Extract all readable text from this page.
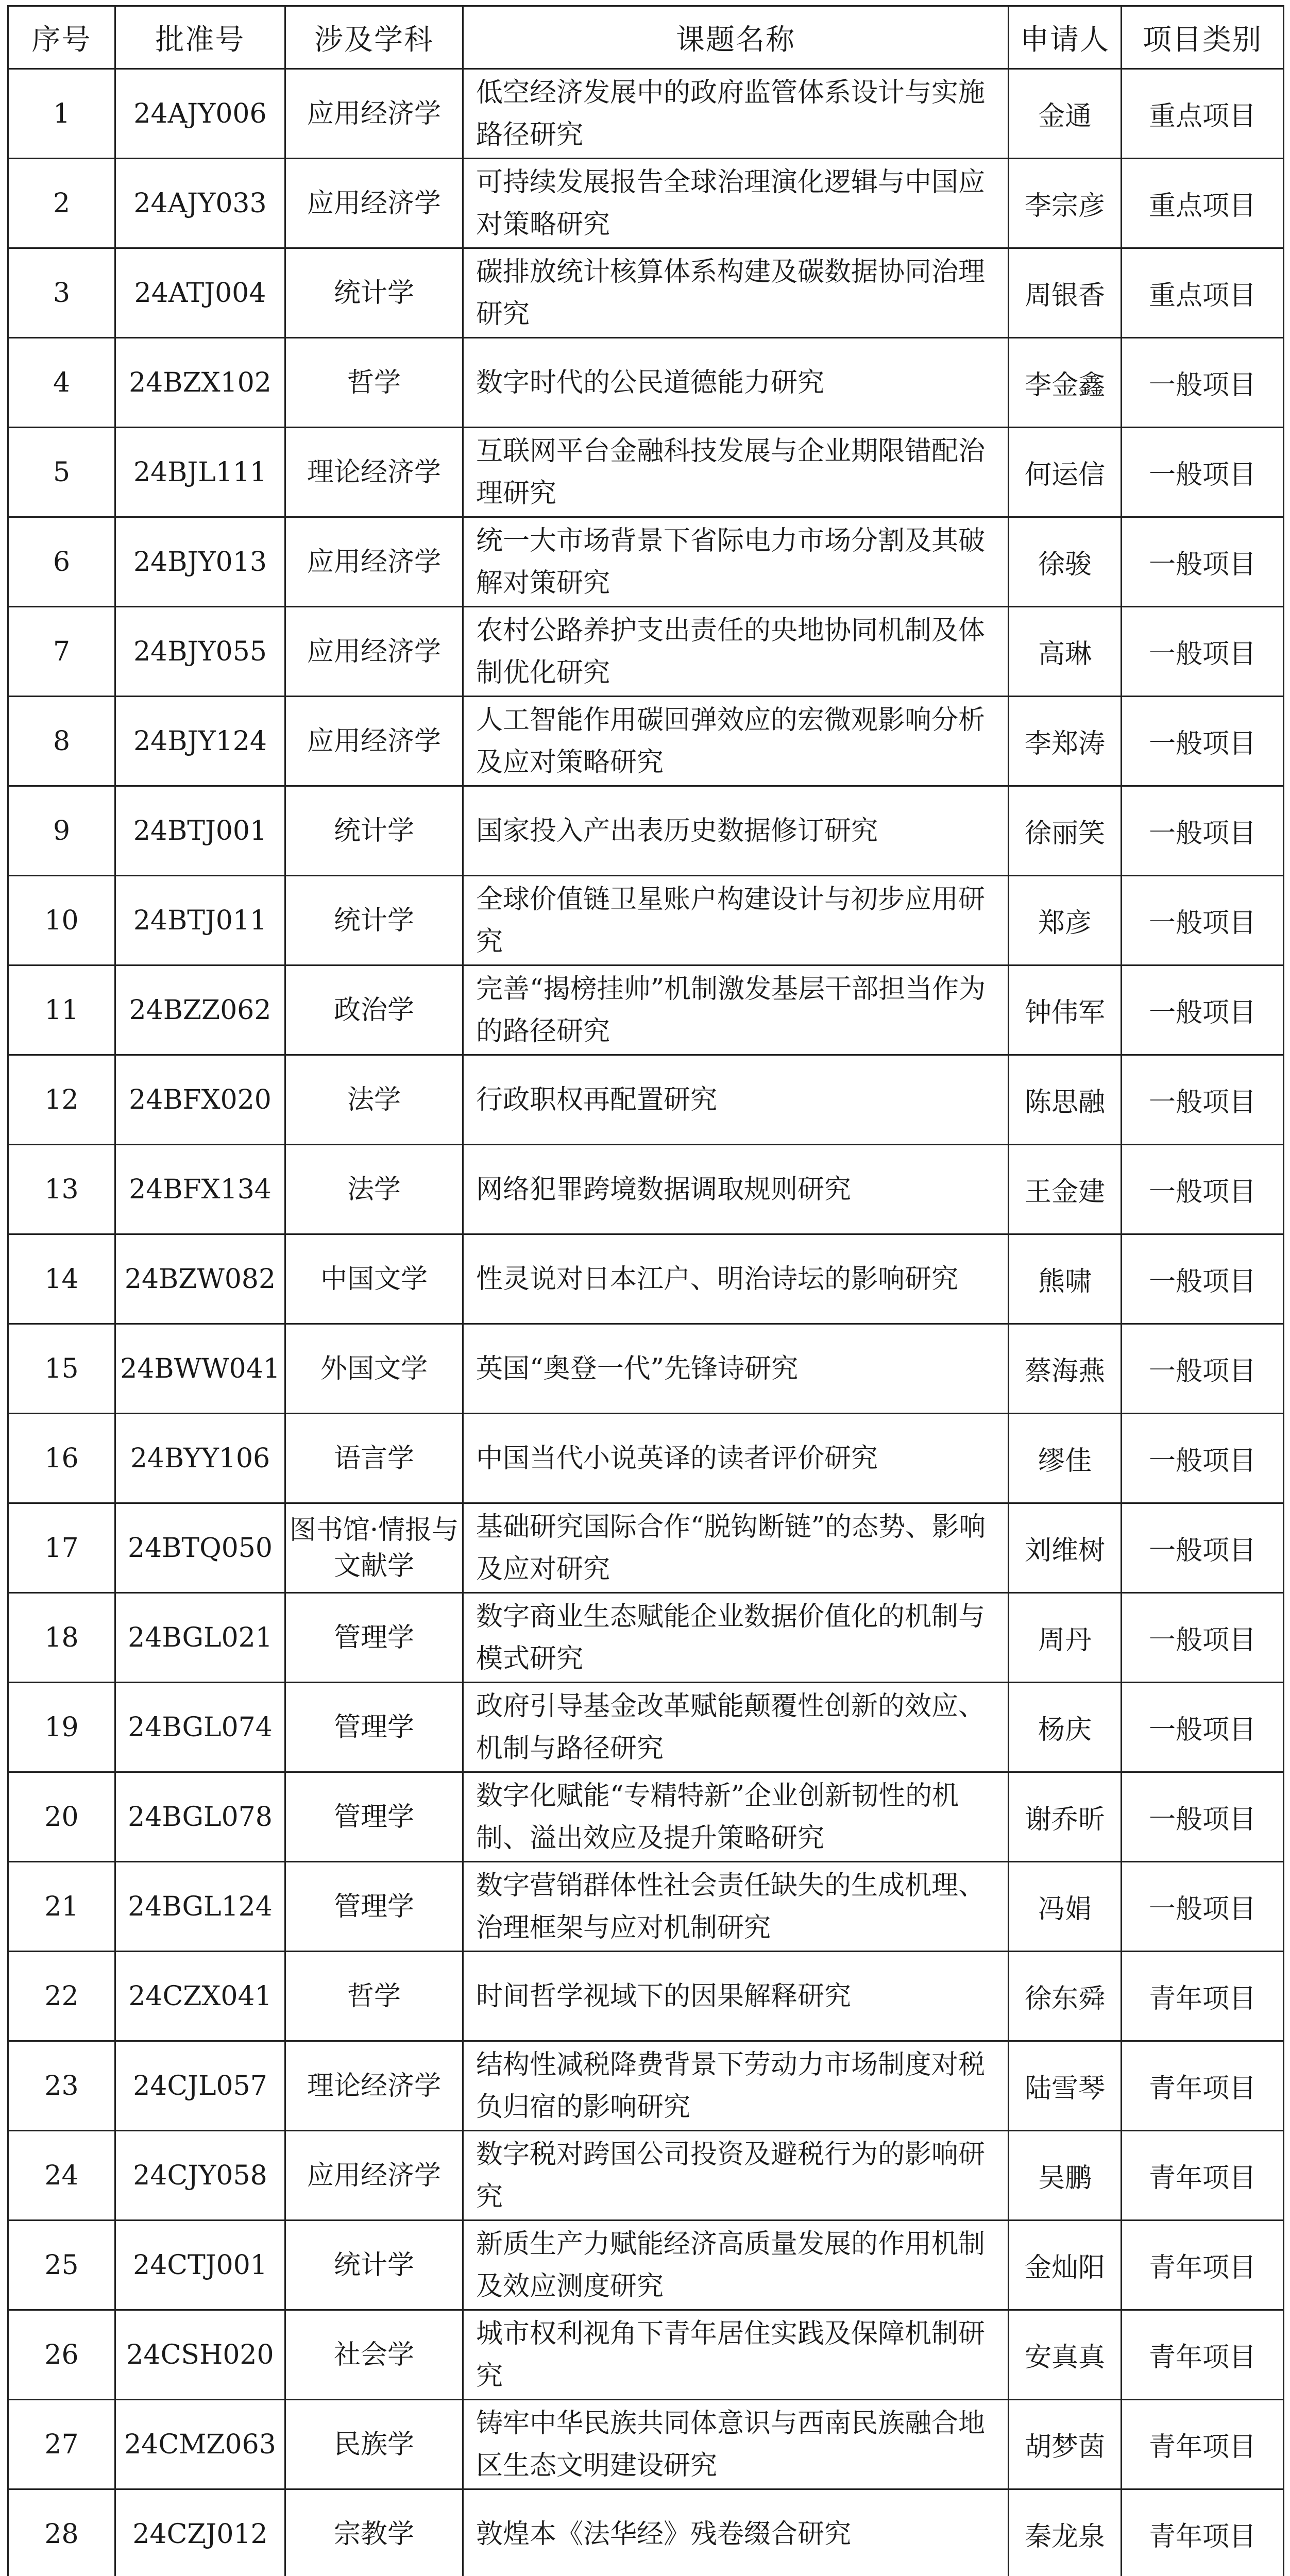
序号	批准号	涉及学科	课题名称	申请人	项目类别
1	24AJY006	应用经济学	低空经济发展中的政府监管体系设计与实施路径研究	金通	重点项目
2	24AJY033	应用经济学	可持续发展报告全球治理演化逻辑与中国应对策略研究	李宗彦	重点项目
3	24ATJ004	统计学	碳排放统计核算体系构建及碳数据协同治理研究	周银香	重点项目
4	24BZX102	哲学	数字时代的公民道德能力研究	李金鑫	一般项目
5	24BJL111	理论经济学	互联网平台金融科技发展与企业期限错配治理研究	何运信	一般项目
6	24BJY013	应用经济学	统一大市场背景下省际电力市场分割及其破解对策研究	徐骏	一般项目
7	24BJY055	应用经济学	农村公路养护支出责任的央地协同机制及体制优化研究	高琳	一般项目
8	24BJY124	应用经济学	人工智能作用碳回弹效应的宏微观影响分析及应对策略研究	李郑涛	一般项目
9	24BTJ001	统计学	国家投入产出表历史数据修订研究	徐丽笑	一般项目
10	24BTJ011	统计学	全球价值链卫星账户构建设计与初步应用研究	郑彦	一般项目
11	24BZZ062	政治学	完善“揭榜挂帅”机制激发基层干部担当作为的路径研究	钟伟军	一般项目
12	24BFX020	法学	行政职权再配置研究	陈思融	一般项目
13	24BFX134	法学	网络犯罪跨境数据调取规则研究	王金建	一般项目
14	24BZW082	中国文学	性灵说对日本江户、明治诗坛的影响研究	熊啸	一般项目
15	24BWW041	外国文学	英国“奥登一代”先锋诗研究	蔡海燕	一般项目
16	24BYY106	语言学	中国当代小说英译的读者评价研究	缪佳	一般项目
17	24BTQ050	图书馆·情报与文献学	基础研究国际合作“脱钩断链”的态势、影响及应对研究	刘维树	一般项目
18	24BGL021	管理学	数字商业生态赋能企业数据价值化的机制与模式研究	周丹	一般项目
19	24BGL074	管理学	政府引导基金改革赋能颠覆性创新的效应、机制与路径研究	杨庆	一般项目
20	24BGL078	管理学	数字化赋能“专精特新”企业创新韧性的机制、溢出效应及提升策略研究	谢乔昕	一般项目
21	24BGL124	管理学	数字营销群体性社会责任缺失的生成机理、治理框架与应对机制研究	冯娟	一般项目
22	24CZX041	哲学	时间哲学视域下的因果解释研究	徐东舜	青年项目
23	24CJL057	理论经济学	结构性减税降费背景下劳动力市场制度对税负归宿的影响研究	陆雪琴	青年项目
24	24CJY058	应用经济学	数字税对跨国公司投资及避税行为的影响研究	吴鹏	青年项目
25	24CTJ001	统计学	新质生产力赋能经济高质量发展的作用机制及效应测度研究	金灿阳	青年项目
26	24CSH020	社会学	城市权利视角下青年居住实践及保障机制研究	安真真	青年项目
27	24CMZ063	民族学	铸牢中华民族共同体意识与西南民族融合地区生态文明建设研究	胡梦茵	青年项目
28	24CZJ012	宗教学	敦煌本《法华经》残卷缀合研究	秦龙泉	青年项目
